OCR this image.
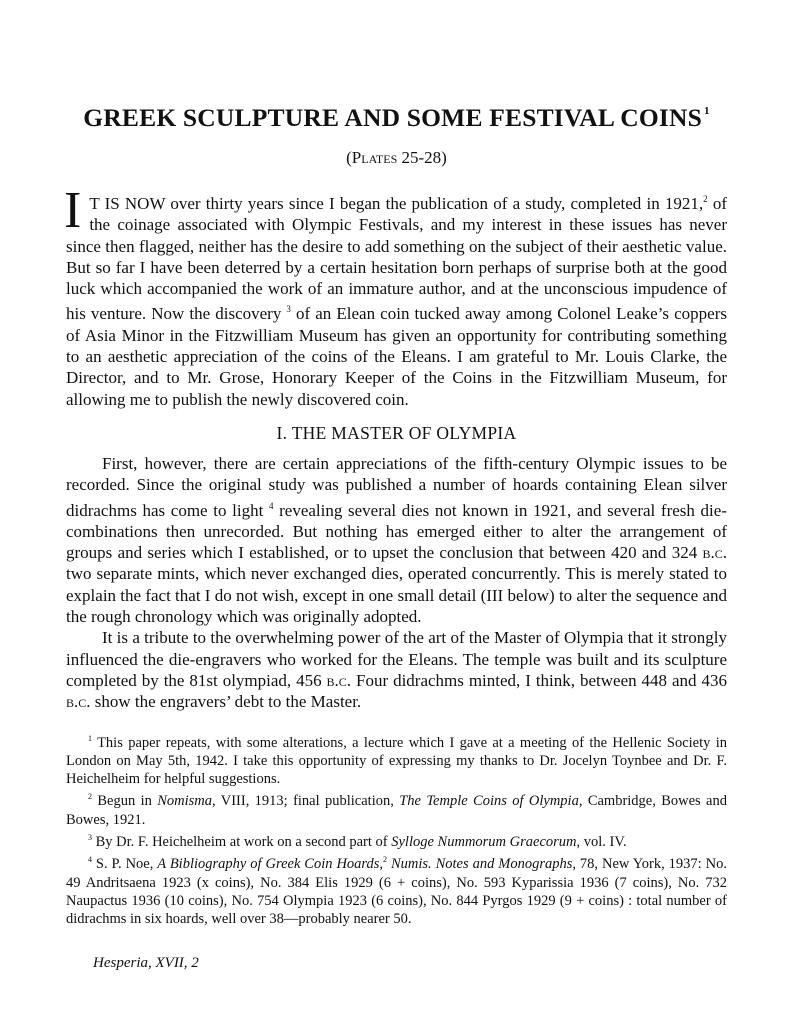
GREEK SCULPTURE AND SOME FESTIVAL COINS $^1$
(Plates 25-28)

I T IS NOW over thirty years since I began the publication of a study, completed in 1921,$^2$ of the coinage associated with Olympic Festivals, and my interest in these issues has never since then flagged, neither has the desire to add something on the subject of their aesthetic value. But so far I have been deterred by a certain hesitation born perhaps of surprise both at the good luck which accompanied the work of an immature author, and at the unconscious impudence of his venture. Now the discovery $^3$ of an Elean coin tucked away among Colonel Leake’s coppers of Asia Minor in the Fitzwilliam Museum has given an opportunity for contributing something to an aesthetic appreciation of the coins of the Eleans. I am grateful to Mr. Louis Clarke, the Director, and to Mr. Grose, Honorary Keeper of the Coins in the Fitzwilliam Museum, for allowing me to publish the newly discovered coin.

I. THE MASTER OF OLYMPIA

First, however, there are certain appreciations of the fifth-century Olympic issues to be recorded. Since the original study was published a number of hoards containing Elean silver didrachms has come to light $^4$ revealing several dies not known in 1921, and several fresh die-combinations then unrecorded. But nothing has emerged either to alter the arrangement of groups and series which I established, or to upset the conclusion that between 420 and 324 b.c. two separate mints, which never exchanged dies, operated concurrently. This is merely stated to explain the fact that I do not wish, except in one small detail (III below) to alter the sequence and the rough chronology which was originally adopted.

It is a tribute to the overwhelming power of the art of the Master of Olympia that it strongly influenced the die-engravers who worked for the Eleans. The temple was built and its sculpture completed by the 81st olympiad, 456 b.c. Four didrachms minted, I think, between 448 and 436 b.c. show the engravers’ debt to the Master.

$^1$ This paper repeats, with some alterations, a lecture which I gave at a meeting of the Hellenic Society in London on May 5th, 1942. I take this opportunity of expressing my thanks to Dr. Jocelyn Toynbee and Dr. F. Heichelheim for helpful suggestions.

$^2$ Begun in Nomisma, VIII, 1913; final publication, The Temple Coins of Olympia, Cambridge, Bowes and Bowes, 1921.

$^3$ By Dr. F. Heichelheim at work on a second part of Sylloge Nummorum Graecorum, vol. IV.

$^4$ S. P. Noe, A Bibliography of Greek Coin Hoards,$^2$ Numis. Notes and Monographs, 78, New York, 1937: No. 49 Andritsaena 1923 (x coins), No. 384 Elis 1929 (6 + coins), No. 593 Kyparissia 1936 (7 coins), No. 732 Naupactus 1936 (10 coins), No. 754 Olympia 1923 (6 coins), No. 844 Pyrgos 1929 (9 + coins) : total number of didrachms in six hoards, well over 38—probably nearer 50.

Hesperia, XVII, 2
